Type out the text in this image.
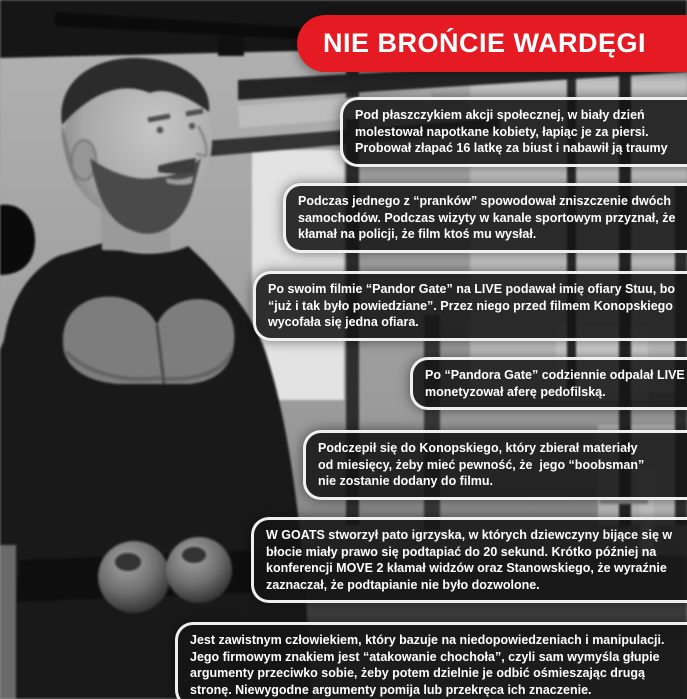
NIE BROŃCIE WARDĘGI
Pod płaszczykiem akcji społecznej, w biały dzień
molestował napotkane kobiety, łapiąc je za piersi.
Probował złapać 16 latkę za biust i nabawił ją traumy
Podczas jednego z “pranków” spowodował zniszczenie dwóch
samochodów. Podczas wizyty w kanale sportowym przyznał, że
kłamał na policji, że film ktoś mu wysłał.
Po swoim filmie “Pandor Gate” na LIVE podawał imię ofiary Stuu, bo
“już i tak było powiedziane”. Przez niego przed filmem Konopskiego
wycofała się jedna ofiara.
Po “Pandora Gate” codziennie odpalał LIVE
monetyzował aferę pedofilską.
Podczepił się do Konopskiego, który zbierał materiały
od miesięcy, żeby mieć pewność, że  jego “boobsman”
nie zostanie dodany do filmu.
W GOATS stworzył pato igrzyska, w których dziewczyny bijące się w
błocie miały prawo się podtapiać do 20 sekund. Krótko później na
konferencji MOVE 2 kłamał widzów oraz Stanowskiego, że wyraźnie
zaznaczał, że podtapianie nie było dozwolone.
Jest zawistnym człowiekiem, który bazuje na niedopowiedzeniach i manipulacji.
Jego firmowym znakiem jest “atakowanie chochoła”, czyli sam wymyśla głupie
argumenty przeciwko sobie, żeby potem dzielnie je odbić ośmieszając drugą
stronę. Niewygodne argumenty pomija lub przekręca ich znaczenie.
